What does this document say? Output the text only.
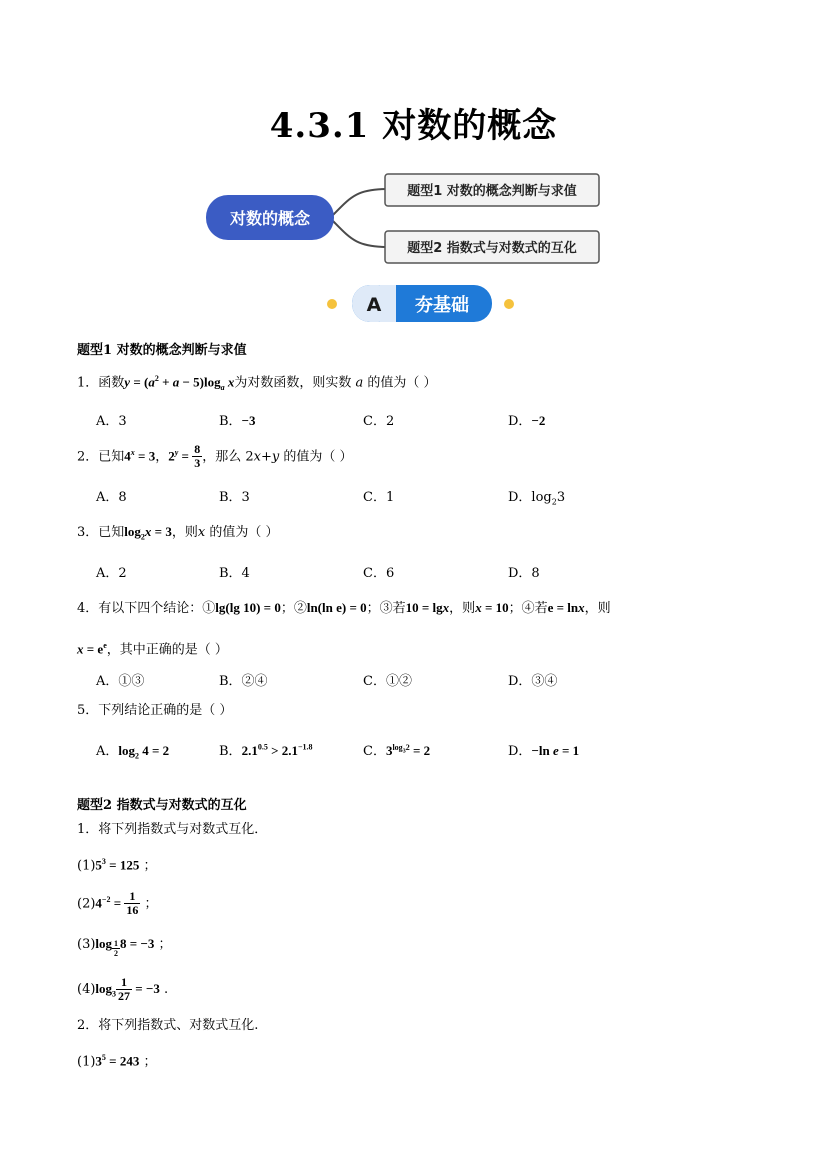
4.3.1 对数的概念
对数的概念
题型1 对数的概念判断与求值
题型2 指数式与对数式的互化
A 夯基础
题型1 对数的概念判断与求值
1．函数$y = (a^2 + a - 5)\log_a$ x为对数函数，则实数 a 的值为（ ）
A．3	B．−3	C．2	D．−2
2．已知$4^x = 3$，$2^y = \frac{8}{3}$ ，那么 2x+y 的值为（ ）
A．8	B．3	C．1	D．$\log_23$
3．已知$\log_2x = 3$，则x 的值为（ ）
A．2	B．4	C．6	D．8
4．有以下四个结论：①lg(lg 10) = 0；②ln(ln e) = 0；③若10 = lgx，则x = 10；④若e = lnx，则
$x = e^e$，其中正确的是（ ）
A．①③	B．②④	C．①②	D．③④
5．下列结论正确的是（ ）
A．$\log_2 4 = 2$	B．$2.1^{0.5} > 2.1^{-1.8}$	C．$3^{log_32} = 2$	D．−ln e = 1
题型2 指数式与对数式的互化
1．将下列指数式与对数式互化．
$(1)5^3 = 125$ ；
$(2)4^{-2} = \frac{1}{16}$ ；
$(3)\log \frac{1}{2} 8 = -3$ ；
$(4)\log_3 \frac{1}{27} = -3$ .
2．将下列指数式、对数式互化.
$(1)3^5 = 243$ ；
